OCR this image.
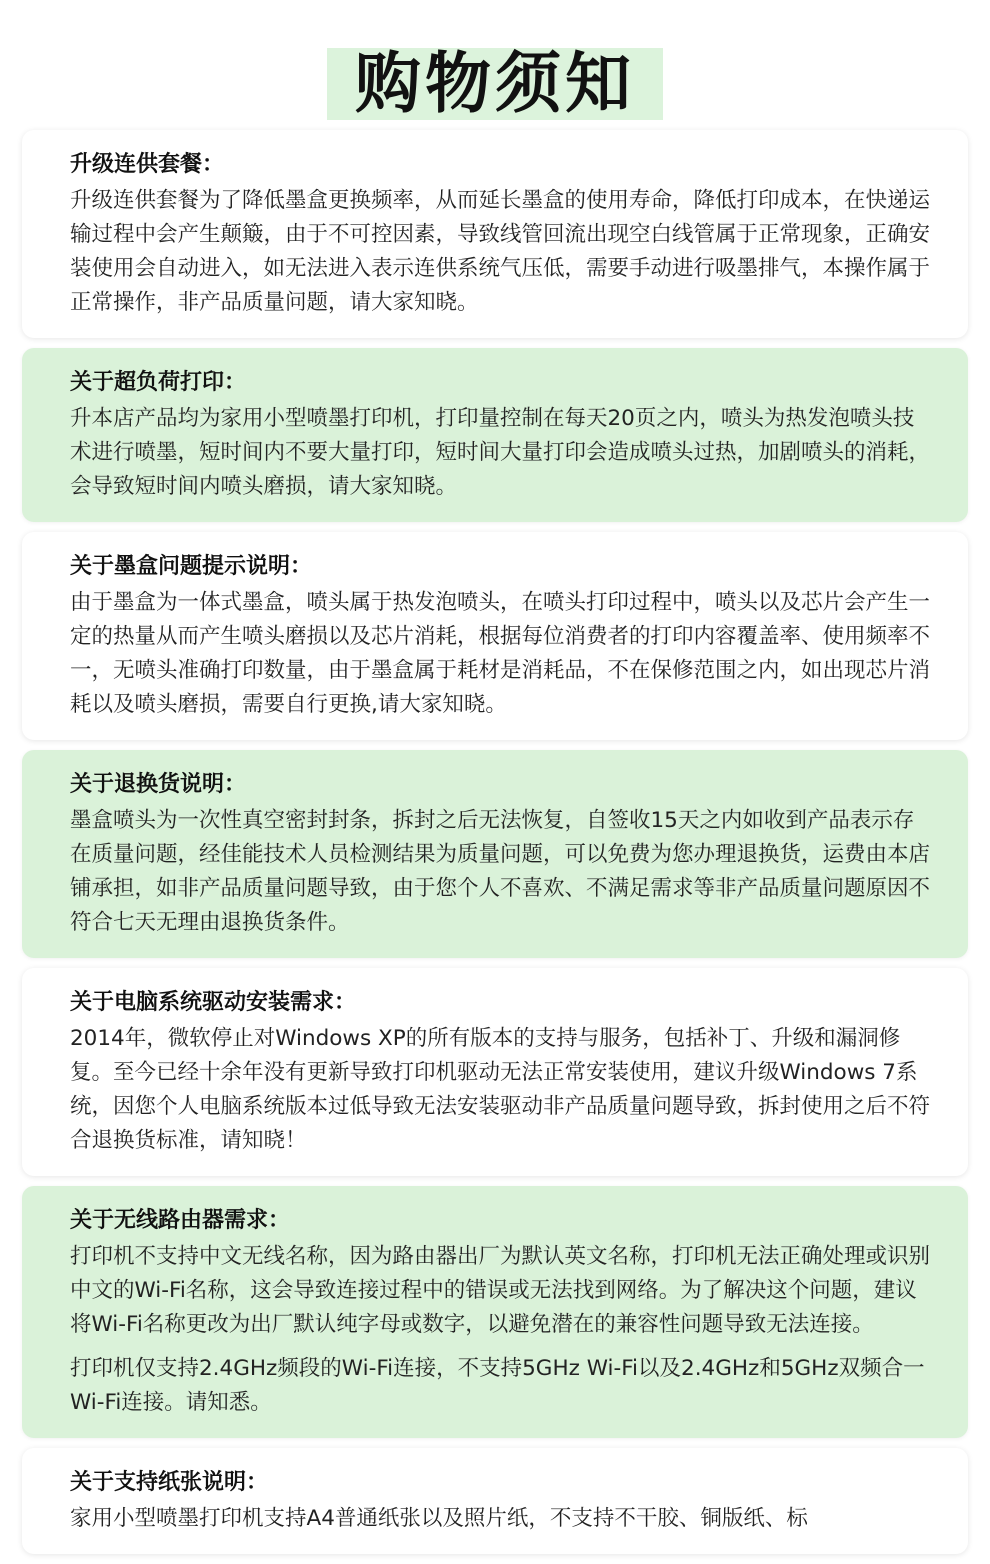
购物须知
升级连供套餐：

升级连供套餐为了降低墨盒更换频率，从而延长墨盒的使用寿命，降低打印成本，在快递运输过程中会产生颠簸，由于不可控因素，导致线管回流出现空白线管属于正常现象，正确安装使用会自动进入，如无法进入表示连供系统气压低，需要手动进行吸墨排气，本操作属于正常操作，非产品质量问题，请大家知晓。

关于超负荷打印：

升本店产品均为家用小型喷墨打印机，打印量控制在每天20页之内，喷头为热发泡喷头技术进行喷墨，短时间内不要大量打印，短时间大量打印会造成喷头过热，加剧喷头的消耗，会导致短时间内喷头磨损，请大家知晓。

关于墨盒问题提示说明：

由于墨盒为一体式墨盒，喷头属于热发泡喷头，在喷头打印过程中，喷头以及芯片会产生一定的热量从而产生喷头磨损以及芯片消耗，根据每位消费者的打印内容覆盖率、使用频率不一，无喷头准确打印数量，由于墨盒属于耗材是消耗品，不在保修范围之内，如出现芯片消耗以及喷头磨损，需要自行更换,请大家知晓。

关于退换货说明：

墨盒喷头为一次性真空密封封条，拆封之后无法恢复，自签收15天之内如收到产品表示存在质量问题，经佳能技术人员检测结果为质量问题，可以免费为您办理退换货，运费由本店铺承担，如非产品质量问题导致，由于您个人不喜欢、不满足需求等非产品质量问题原因不符合七天无理由退换货条件。

关于电脑系统驱动安装需求：

2014年，微软停止对Windows XP的所有版本的支持与服务，包括补丁、升级和漏洞修复。至今已经十余年没有更新导致打印机驱动无法正常安装使用，建议升级Windows 7系统，因您个人电脑系统版本过低导致无法安装驱动非产品质量问题导致，拆封使用之后不符合退换货标准，请知晓！

关于无线路由器需求：

打印机不支持中文无线名称，因为路由器出厂为默认英文名称，打印机无法正确处理或识别中文的Wi-Fi名称，这会导致连接过程中的错误或无法找到网络。为了解决这个问题，建议将Wi-Fi名称更改为出厂默认纯字母或数字，以避免潜在的兼容性问题导致无法连接。

打印机仅支持2.4GHz频段的Wi-Fi连接，不支持5GHz Wi-Fi以及2.4GHz和5GHz双频合一Wi-Fi连接。请知悉。

关于支持纸张说明：

家用小型喷墨打印机支持A4普通纸张以及照片纸，不支持不干胶、铜版纸、标
